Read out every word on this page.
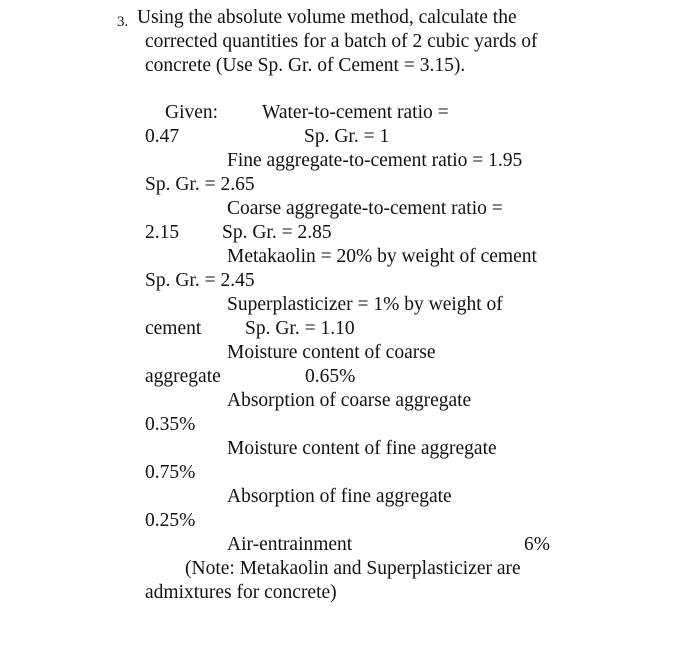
3. Using the absolute volume method, calculate the
corrected quantities for a batch of 2 cubic yards of
concrete (Use Sp. Gr. of Cement = 3.15).
Given: Water-to-cement ratio =
0.47	Sp. Gr. = 1
Fine aggregate-to-cement ratio = 1.95
Sp. Gr. = 2.65
Coarse aggregate-to-cement ratio =
2.15 Sp. Gr. = 2.85
Metakaolin = 20% by weight of cement
Sp. Gr. = 2.45
Superplasticizer = 1% by weight of
cement Sp. Gr. = 1.10
Moisture content of coarse
aggregate	0.65%
Absorption of coarse aggregate
0.35%
Moisture content of fine aggregate
0.75%
Absorption of fine aggregate
0.25%
Air-entrainment	6%
(Note: Metakaolin and Superplasticizer are
admixtures for concrete)
